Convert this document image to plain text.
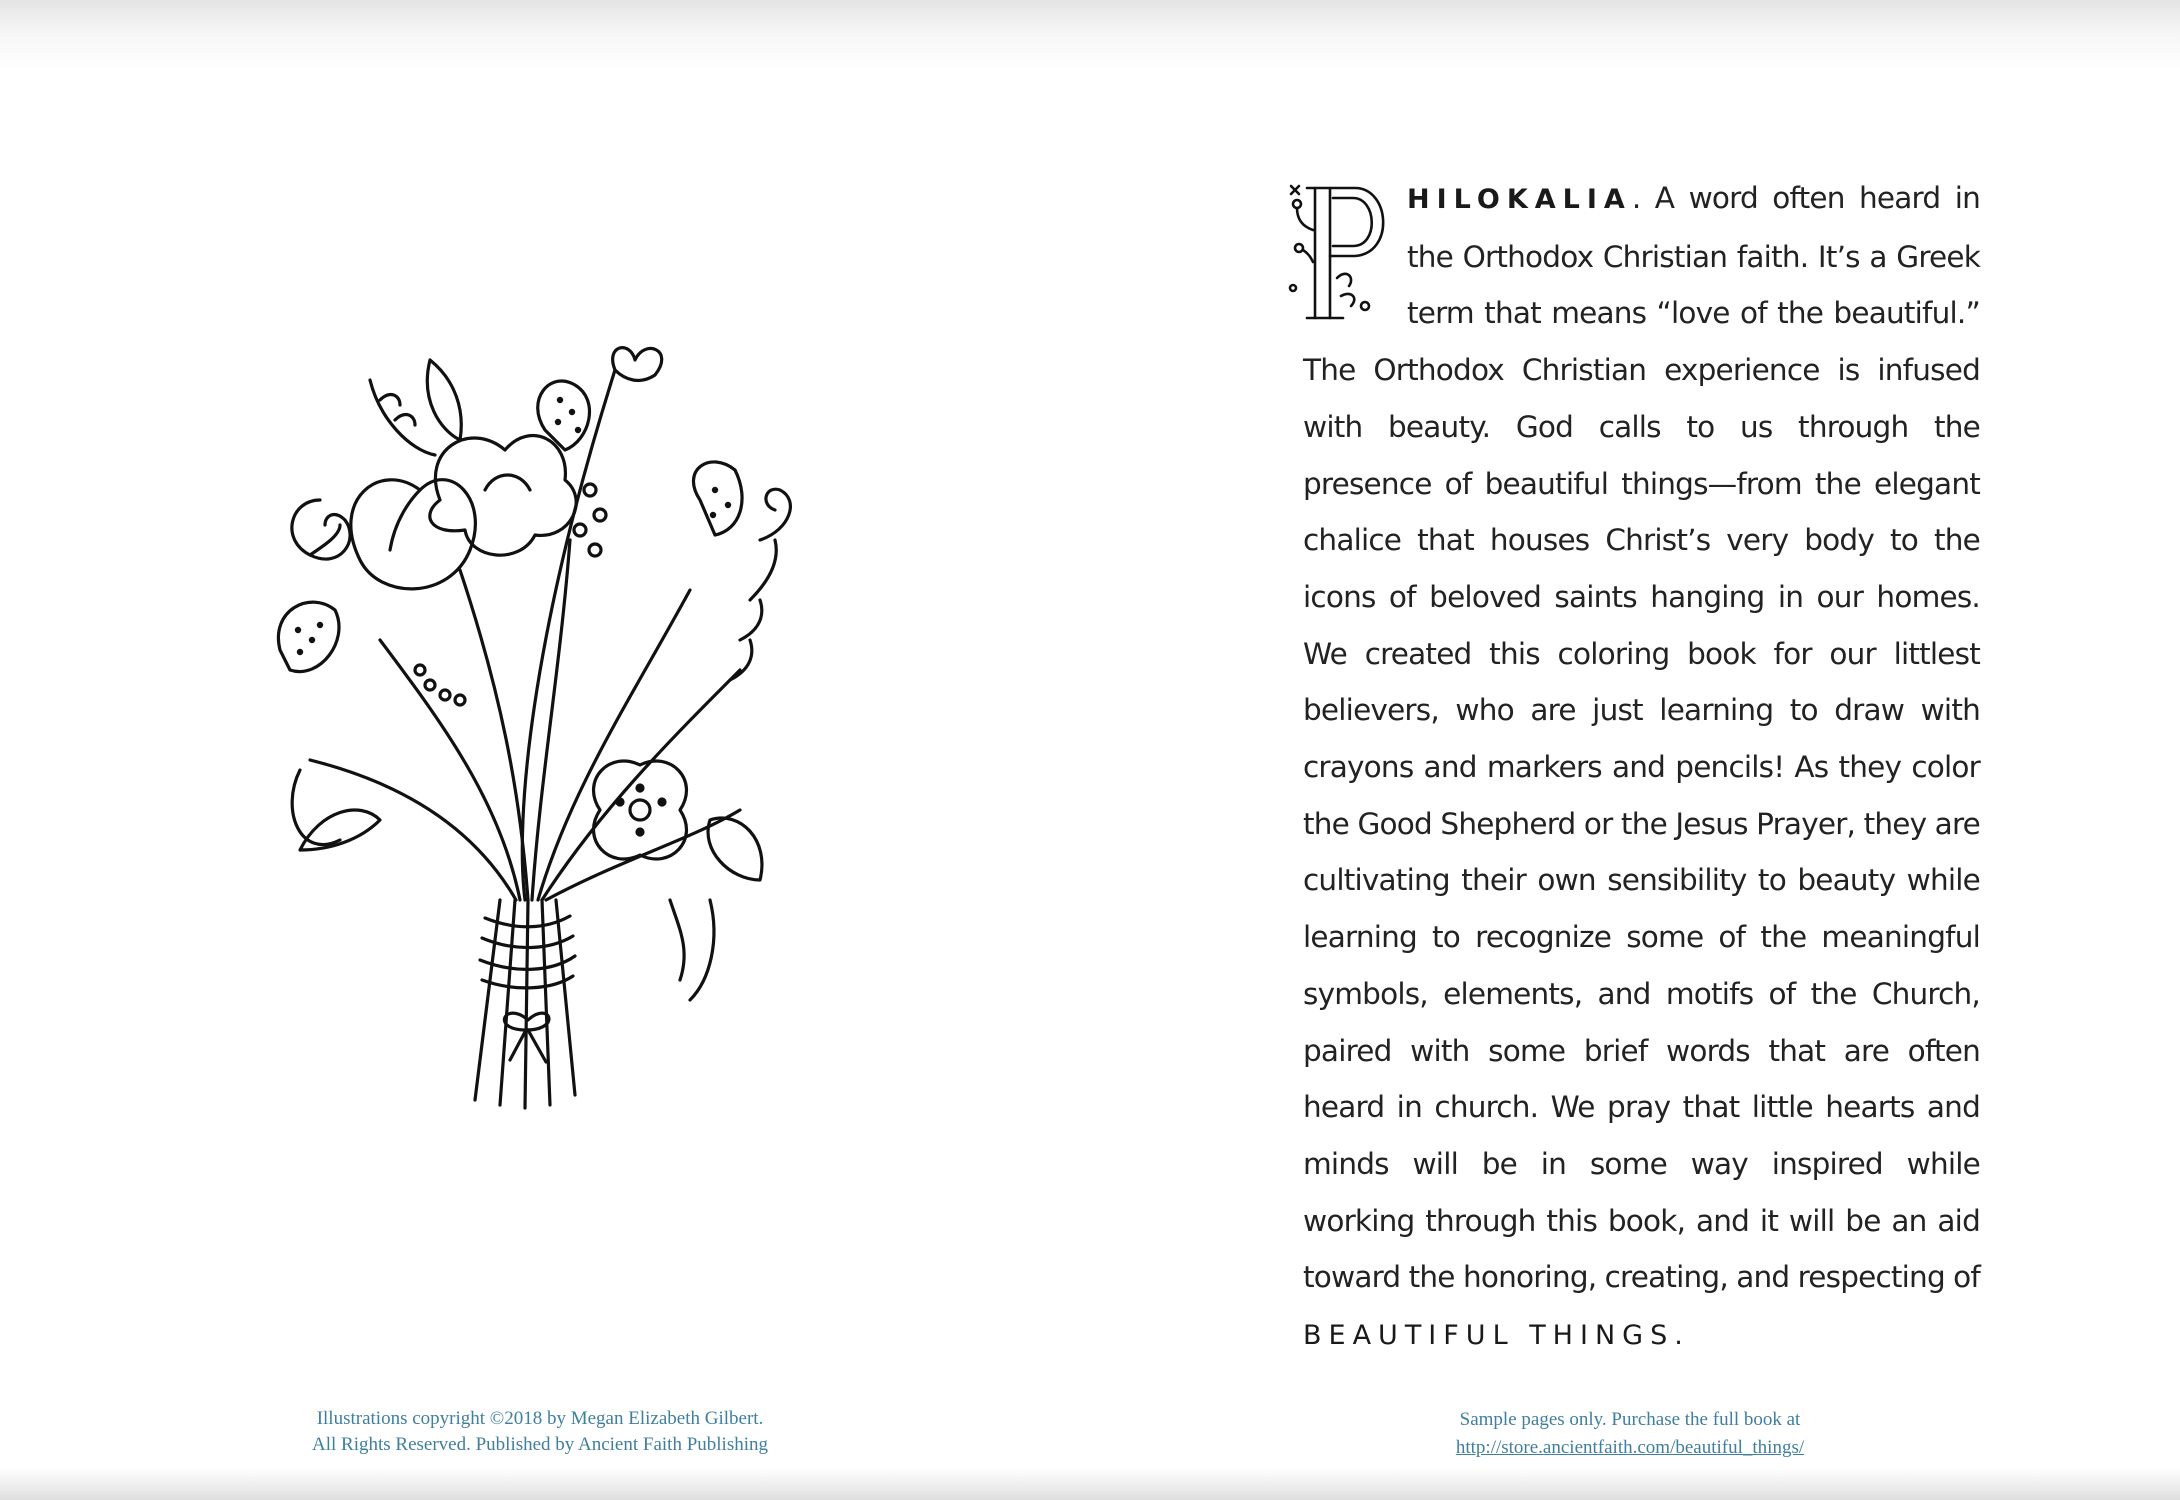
Illustrations copyright ©2018 by Megan Elizabeth Gilbert.
All Rights Reserved. Published by Ancient Faith Publishing
HILOKALIA. A word often heard in the Orthodox Christian faith. It’s a Greek term that means “love of the beautiful.” The Orthodox Christian experience is infused with beauty. God calls to us through the presence of beautiful things—from the elegant chalice that houses Christ’s very body to the icons of beloved saints hanging in our homes. We created this coloring book for our littlest believers, who are just learning to draw with crayons and markers and pencils! As they color the Good Shepherd or the Jesus Prayer, they are cultivating their own sensibility to beauty while learning to recognize some of the meaningful symbols, elements, and motifs of the Church, paired with some brief words that are often heard in church. We pray that little hearts and minds will be in some way inspired while working through this book, and it will be an aid toward the honoring, creating, and respecting of BEAUTIFUL THINGS.
Sample pages only. Purchase the full book at
http://store.ancientfaith.com/beautiful_things/
